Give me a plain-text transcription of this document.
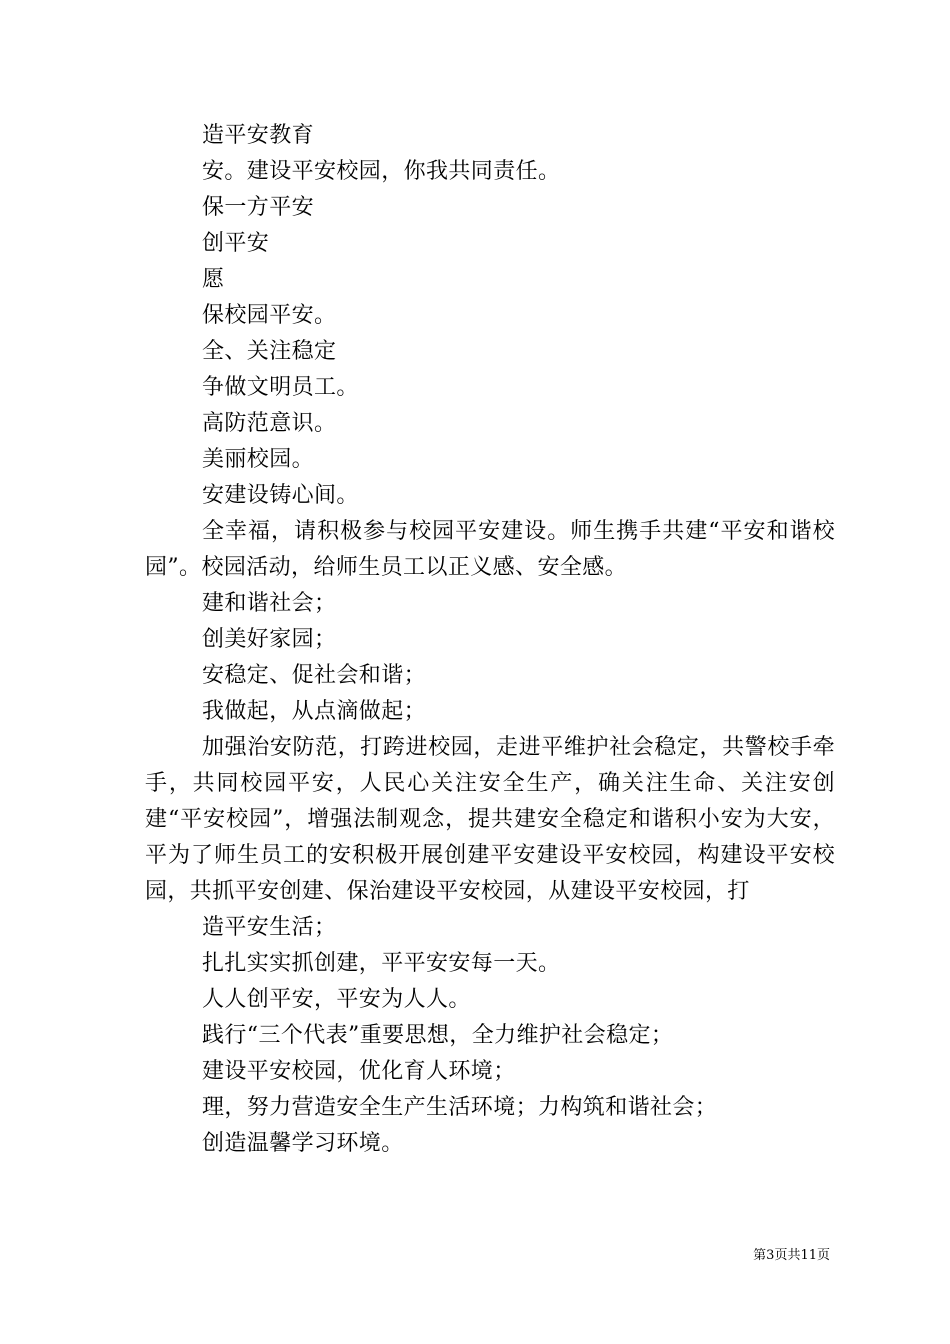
造平安教育

安。建设平安校园，你我共同责任。

保一方平安

创平安

愿

保校园平安。

全、关注稳定

争做文明员工。

高防范意识。

美丽校园。

安建设铸心间。

全幸福，请积极参与校园平安建设。师生携手共建“平安和谐校园”。校园活动，给师生员工以正义感、安全感。

建和谐社会；

创美好家园；

安稳定、促社会和谐；

我做起，从点滴做起；

加强治安防范，打跨进校园，走进平维护社会稳定，共警校手牵手，共同校园平安，人民心关注安全生产，确关注生命、关注安创建“平安校园”，增强法制观念，提共建安全稳定和谐积小安为大安，平为了师生员工的安积极开展创建平安建设平安校园，构建设平安校园，共抓平安创建、保治建设平安校园，从建设平安校园，打

造平安生活；

扎扎实实抓创建，平平安安每一天。

人人创平安，平安为人人。

践行“三个代表”重要思想，全力维护社会稳定；

建设平安校园，优化育人环境；

理，努力营造安全生产生活环境；力构筑和谐社会；

创造温馨学习环境。

第3页共11页
